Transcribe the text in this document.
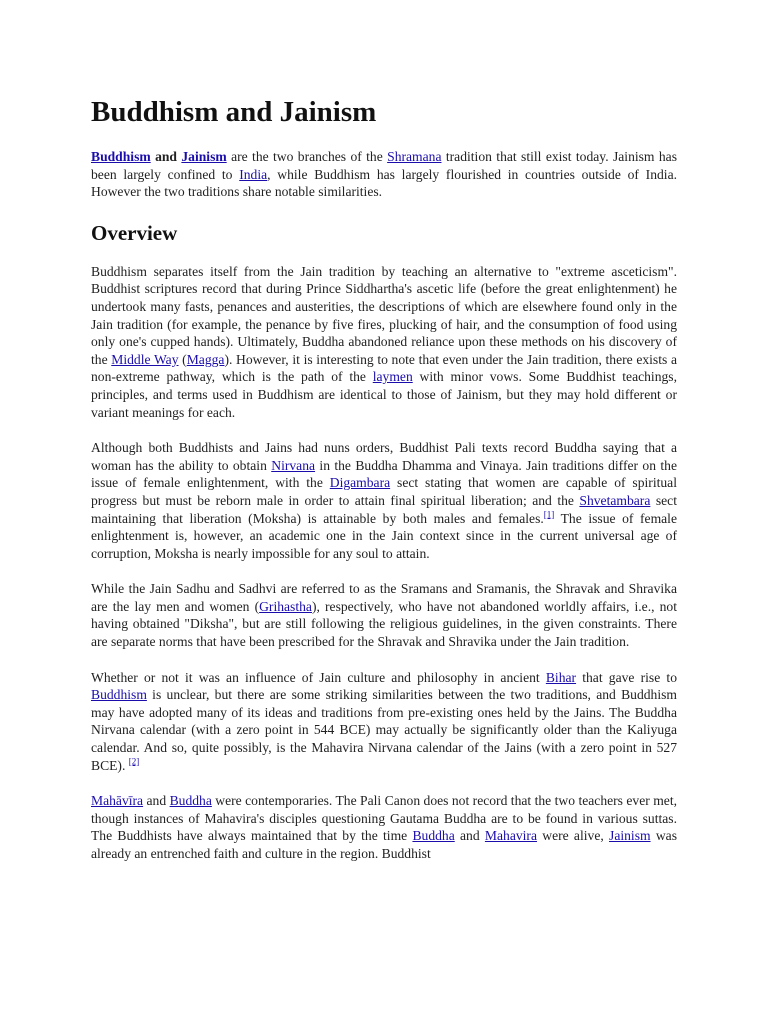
Buddhism and Jainism

Buddhism and Jainism are the two branches of the Shramana tradition that still exist today. Jainism has been largely confined to India, while Buddhism has largely flourished in countries outside of India. However the two traditions share notable similarities.

Overview

Buddhism separates itself from the Jain tradition by teaching an alternative to "extreme asceticism". Buddhist scriptures record that during Prince Siddhartha's ascetic life (before the great enlightenment) he undertook many fasts, penances and austerities, the descriptions of which are elsewhere found only in the Jain tradition (for example, the penance by five fires, plucking of hair, and the consumption of food using only one's cupped hands). Ultimately, Buddha abandoned reliance upon these methods on his discovery of the Middle Way (Magga). However, it is interesting to note that even under the Jain tradition, there exists a non-extreme pathway, which is the path of the laymen with minor vows. Some Buddhist teachings, principles, and terms used in Buddhism are identical to those of Jainism, but they may hold different or variant meanings for each.

Although both Buddhists and Jains had nuns orders, Buddhist Pali texts record Buddha saying that a woman has the ability to obtain Nirvana in the Buddha Dhamma and Vinaya. Jain traditions differ on the issue of female enlightenment, with the Digambara sect stating that women are capable of spiritual progress but must be reborn male in order to attain final spiritual liberation; and the Shvetambara sect maintaining that liberation (Moksha) is attainable by both males and females.[1] The issue of female enlightenment is, however, an academic one in the Jain context since in the current universal age of corruption, Moksha is nearly impossible for any soul to attain.

While the Jain Sadhu and Sadhvi are referred to as the Sramans and Sramanis, the Shravak and Shravika are the lay men and women (Grihastha), respectively, who have not abandoned worldly affairs, i.e., not having obtained "Diksha", but are still following the religious guidelines, in the given constraints. There are separate norms that have been prescribed for the Shravak and Shravika under the Jain tradition.

Whether or not it was an influence of Jain culture and philosophy in ancient Bihar that gave rise to Buddhism is unclear, but there are some striking similarities between the two traditions, and Buddhism may have adopted many of its ideas and traditions from pre-existing ones held by the Jains. The Buddha Nirvana calendar (with a zero point in 544 BCE) may actually be significantly older than the Kaliyuga calendar. And so, quite possibly, is the Mahavira Nirvana calendar of the Jains (with a zero point in 527 BCE). [2]

Mahāvīra and Buddha were contemporaries. The Pali Canon does not record that the two teachers ever met, though instances of Mahavira's disciples questioning Gautama Buddha are to be found in various suttas. The Buddhists have always maintained that by the time Buddha and Mahavira were alive, Jainism was already an entrenched faith and culture in the region. Buddhist
